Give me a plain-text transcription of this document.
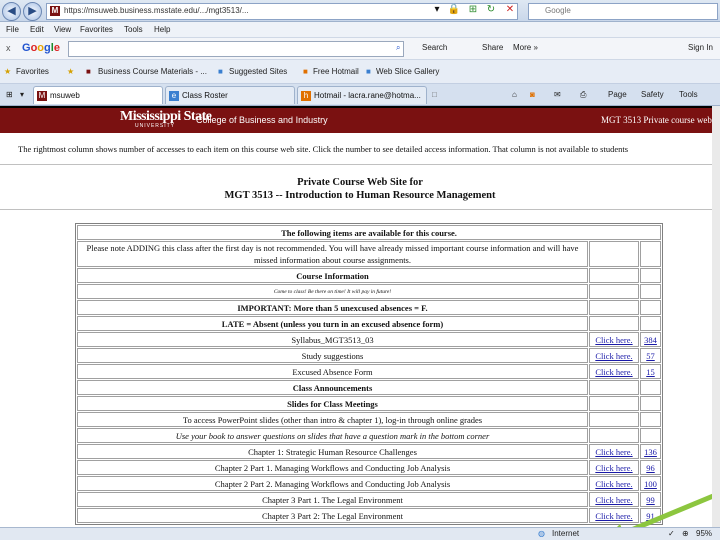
◀	▶	M https://msuweb.business.msstate.edu/.../mgt3513/...	▾ 🔒 ⊞ ↻ ✕	Google
File Edit View Favorites Tools Help
x Google	⌕	Search	Share More »	Sign In
★ Favorites ★ ■ Business Course Materials - ... ■ Suggested Sites ■ Free Hotmail ■ Web Slice Gallery
⊞ ▾ M msuweb	e Class Roster	h Hotmail - lacra.rane@hotma...	□	⌂ ◙ ✉ ⎙	Page Safety Tools
Mississippi State
UNIVERSITY
College of Business and Industry	MGT 3513 Private course web
The rightmost column shows number of accesses to each item on this course web site. Click the number to see detailed access information. That column is not available to students
Private Course Web Site for
MGT 3513 -- Introduction to Human Resource Management
The following items are available for this course.		
Please note ADDING this class after the first day is not recommended. You will have already missed important course information and will have missed information about course assignments.		
Course Information		
Come to class! Be there on time! It will pay in future!		
IMPORTANT: More than 5 unexcused absences = F.		
LATE = Absent (unless you turn in an excused absence form)		
Syllabus_MGT3513_03	Click here.	384
Study suggestions	Click here.	57
Excused Absence Form	Click here.	15
Class Announcements		
Slides for Class Meetings		
To access PowerPoint slides (other than intro & chapter 1), log-in through online grades		
Use your book to answer questions on slides that have a question mark in the bottom corner		
Chapter 1: Strategic Human Resource Challenges	Click here.	136
Chapter 2 Part 1. Managing Workflows and Conducting Job Analysis	Click here.	96
Chapter 2 Part 2. Managing Workflows and Conducting Job Analysis	Click here.	100
Chapter 3 Part 1. The Legal Environment	Click here.	99
Chapter 3 Part 2: The Legal Environment	Click here.	91
◍ Internet	✓ ⊕ 95%
